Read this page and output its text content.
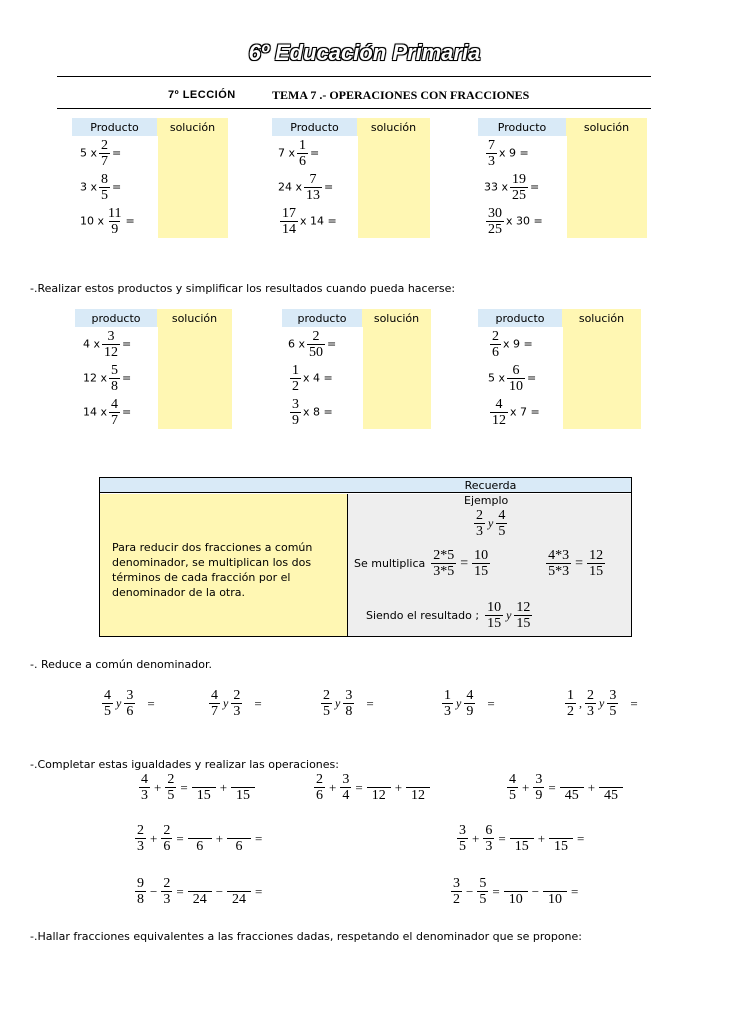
6º Educación Primaria
7º LECCIÓN	TEMA 7 .- OPERACIONES CON FRACCIONES
Producto	solución
5 x $\frac{2}{7}$ =	
3 x $\frac{8}{5}$ =	
10 x $\frac{11}{9}$ =	
Producto	solución
7 x $\frac{1}{6}$ =	
24 x $\frac{7}{13}$ =	

$\frac{17}{14}$ x 14 =	
Producto	solución

$\frac{7}{3}$ x 9 =	
33 x $\frac{19}{25}$ =	

$\frac{30}{25}$ x 30 =	
-.Realizar estos productos y simplificar los resultados cuando pueda hacerse:
producto	solución
4 x $\frac{3}{12}$ =	
12 x $\frac{5}{8}$ =	
14 x $\frac{4}{7}$ =	
producto	solución
6 x $\frac{2}{50}$ =	

$\frac{1}{2}$ x 4 =	

$\frac{3}{9}$ x 8 =	
producto	solución

$\frac{2}{6}$ x 9 =	
5 x $\frac{6}{10}$ =	

$\frac{4}{12}$ x 7 =	
Recuerda
Para reducir dos fracciones a común denominador, se multiplican los dos términos de cada fracción por el denominador de la otra.
Ejemplo
$\frac{2}{3}$ y $\frac{4}{5}$
Se multiplica $\frac{2*5}{3*5} = \frac{10}{15}$	$\frac{4*3}{5*3} = \frac{12}{15}$
Siendo el resultado ; $\frac{10}{15}$ y $\frac{12}{15}$
-. Reduce a común denominador.
$\frac{4}{5}$ y $\frac{3}{6}$ =	$\frac{4}{7}$ y $\frac{2}{3}$ =	$\frac{2}{5}$ y $\frac{3}{8}$ =	$\frac{1}{3}$ y $\frac{4}{9}$ =	$\frac{1}{2}$ , $\frac{2}{3}$ y $\frac{3}{5}$ =
-.Completar estas igualdades y realizar las operaciones:
$\frac{4}{3} + \frac{2}{5}$ =
15
+
15	$\frac{2}{6} + \frac{3}{4}$ =
12
+
12	$\frac{4}{5} + \frac{3}{9}$ =
45
+
45
$\frac{2}{3} + \frac{2}{6}$ =
6
+
6
=	$\frac{3}{5} + \frac{6}{3}$ =
15
+
15
=
$\frac{9}{8} - \frac{2}{3}$ =
24
−
24
=	$\frac{3}{2} - \frac{5}{5}$ =
10
−
10
=
-.Hallar fracciones equivalentes a las fracciones dadas, respetando el denominador que se propone:
